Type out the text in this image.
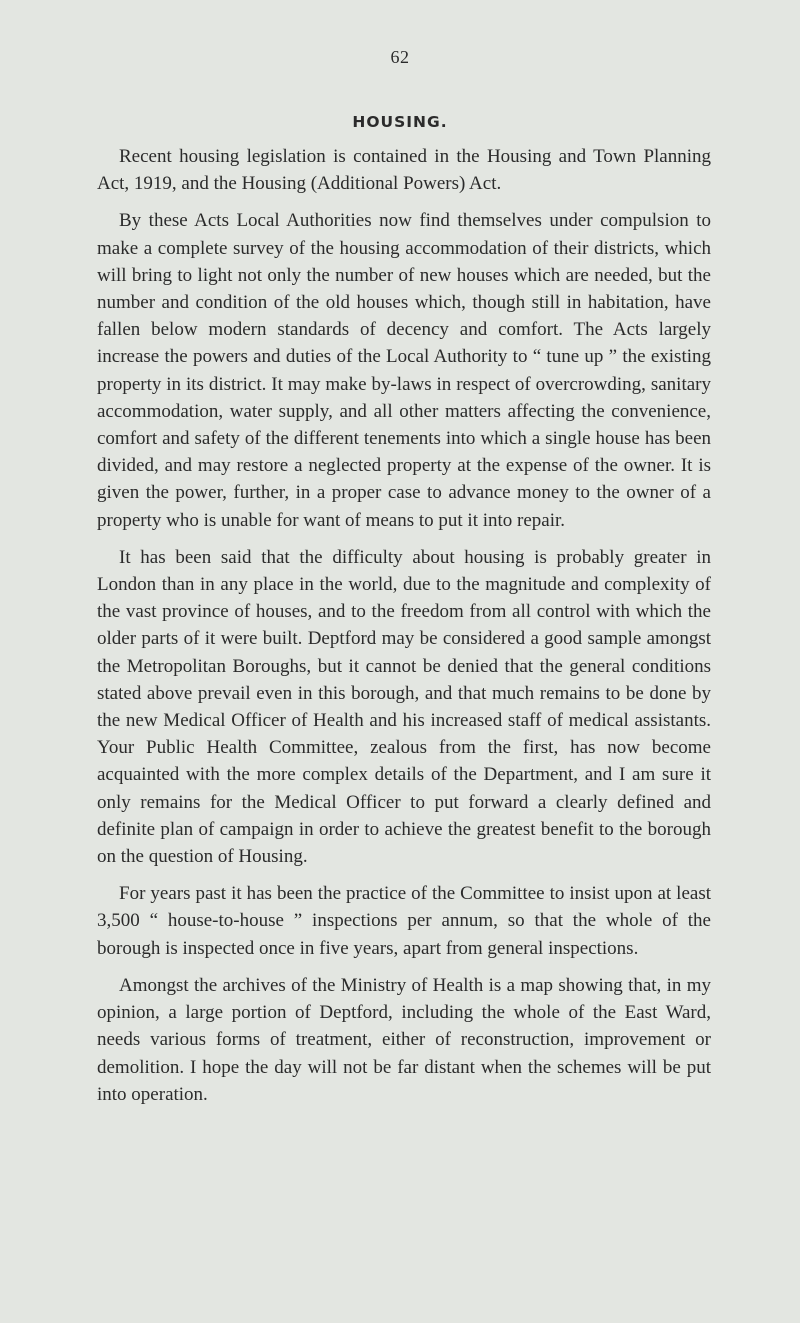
62
HOUSING.

Recent housing legislation is contained in the Housing and Town Planning Act, 1919, and the Housing (Additional Powers) Act.

By these Acts Local Authorities now find themselves under compulsion to make a complete survey of the housing accommodation of their districts, which will bring to light not only the number of new houses which are needed, but the number and condition of the old houses which, though still in habitation, have fallen below modern standards of decency and comfort. The Acts largely increase the powers and duties of the Local Authority to “ tune up ” the existing property in its district. It may make by-laws in respect of overcrowding, sanitary accommodation, water supply, and all other matters affecting the convenience, comfort and safety of the different tenements into which a single house has been divided, and may restore a neglected property at the expense of the owner. It is given the power, further, in a proper case to advance money to the owner of a property who is unable for want of means to put it into repair.

It has been said that the difficulty about housing is probably greater in London than in any place in the world, due to the magnitude and complexity of the vast province of houses, and to the freedom from all control with which the older parts of it were built. Deptford may be considered a good sample amongst the Metropolitan Boroughs, but it cannot be denied that the general conditions stated above prevail even in this borough, and that much remains to be done by the new Medical Officer of Health and his increased staff of medical assistants. Your Public Health Committee, zealous from the first, has now become acquainted with the more complex details of the Department, and I am sure it only remains for the Medical Officer to put forward a clearly defined and definite plan of campaign in order to achieve the greatest benefit to the borough on the question of Housing.

For years past it has been the practice of the Committee to insist upon at least 3,500 “ house-to-house ” inspections per annum, so that the whole of the borough is inspected once in five years, apart from general inspections.

Amongst the archives of the Ministry of Health is a map showing that, in my opinion, a large portion of Deptford, including the whole of the East Ward, needs various forms of treatment, either of reconstruction, improvement or demolition. I hope the day will not be far distant when the schemes will be put into operation.
